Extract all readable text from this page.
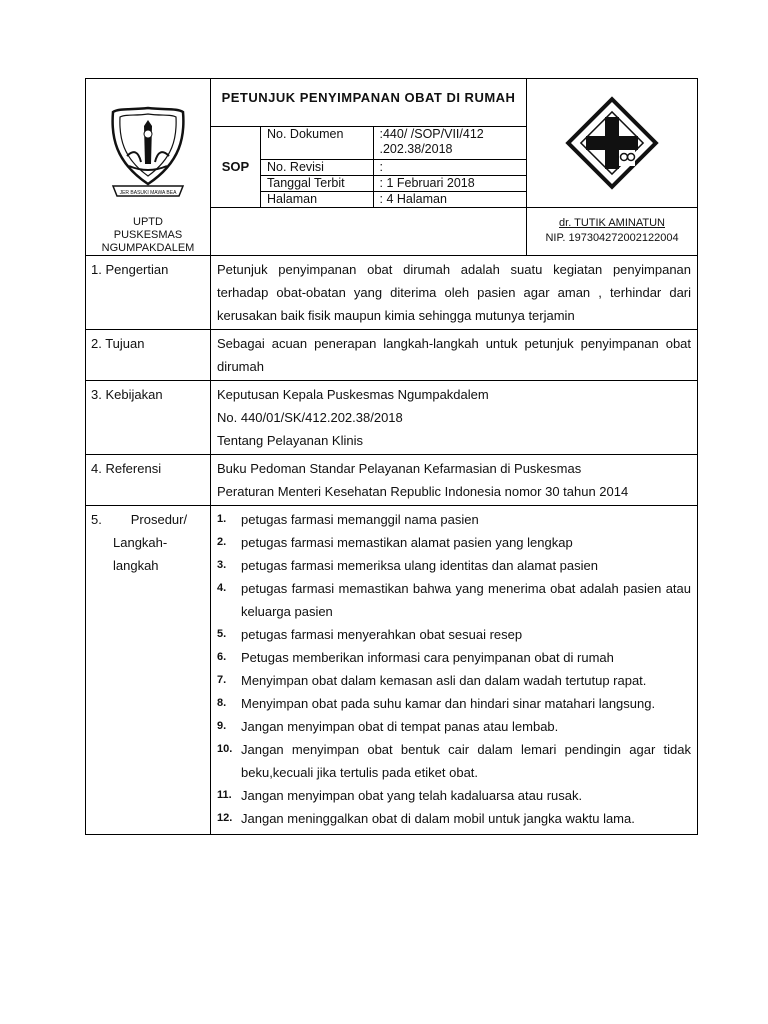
JER BASUKI MAWA BEA
UPTD
PUSKESMAS
NGUMPAKDALEM
	PETUNJUK PENYIMPANAN OBAT DI RUMAH	

SOP	
No. Dokumen	:440/ /SOP/VII/412 .202.38/2018
No. Revisi	:
Tanggal Terbit	: 1 Februari 2018
Halaman	: 4 Halaman

dr. TUTIK AMINATUN
NIP. 197304272002122004

1. Pengertian	Petunjuk penyimpanan obat dirumah adalah suatu kegiatan penyimpanan terhadap obat-obatan yang diterima oleh pasien agar aman , terhindar dari kerusakan baik fisik maupun kimia sehingga mutunya terjamin

2. Tujuan	Sebagai acuan penerapan langkah-langkah untuk petunjuk penyimpanan obat dirumah

3. Kebijakan	Keputusan Kepala Puskesmas Ngumpakdalem

No. 440/01/SK/412.202.38/2018

Tentang Pelayanan Klinis

4. Referensi	Buku Pedoman Standar Pelayanan Kefarmasian di Puskesmas

Peraturan Menteri Kesehatan Republic Indonesia nomor 30 tahun 2014

5.        Prosedur/
Langkah-
langkah

1.	petugas farmasi memanggil nama pasien
2.	petugas farmasi memastikan alamat pasien yang lengkap
3.	petugas farmasi memeriksa ulang identitas dan alamat pasien
4.	petugas farmasi memastikan bahwa yang menerima obat adalah pasien atau keluarga pasien
5.	petugas farmasi menyerahkan obat sesuai resep
6.	Petugas memberikan informasi cara penyimpanan obat di rumah
7.	Menyimpan obat dalam kemasan asli dan dalam wadah tertutup rapat.
8.	Menyimpan obat pada suhu kamar dan hindari sinar matahari langsung.
9.	Jangan menyimpan obat di tempat panas atau lembab.
10. Jangan menyimpan obat bentuk cair dalam lemari pendingin agar tidak beku,kecuali jika tertulis pada etiket obat.
11. Jangan menyimpan obat yang telah kadaluarsa atau rusak.
12. Jangan meninggalkan obat di dalam mobil untuk jangka waktu lama.
